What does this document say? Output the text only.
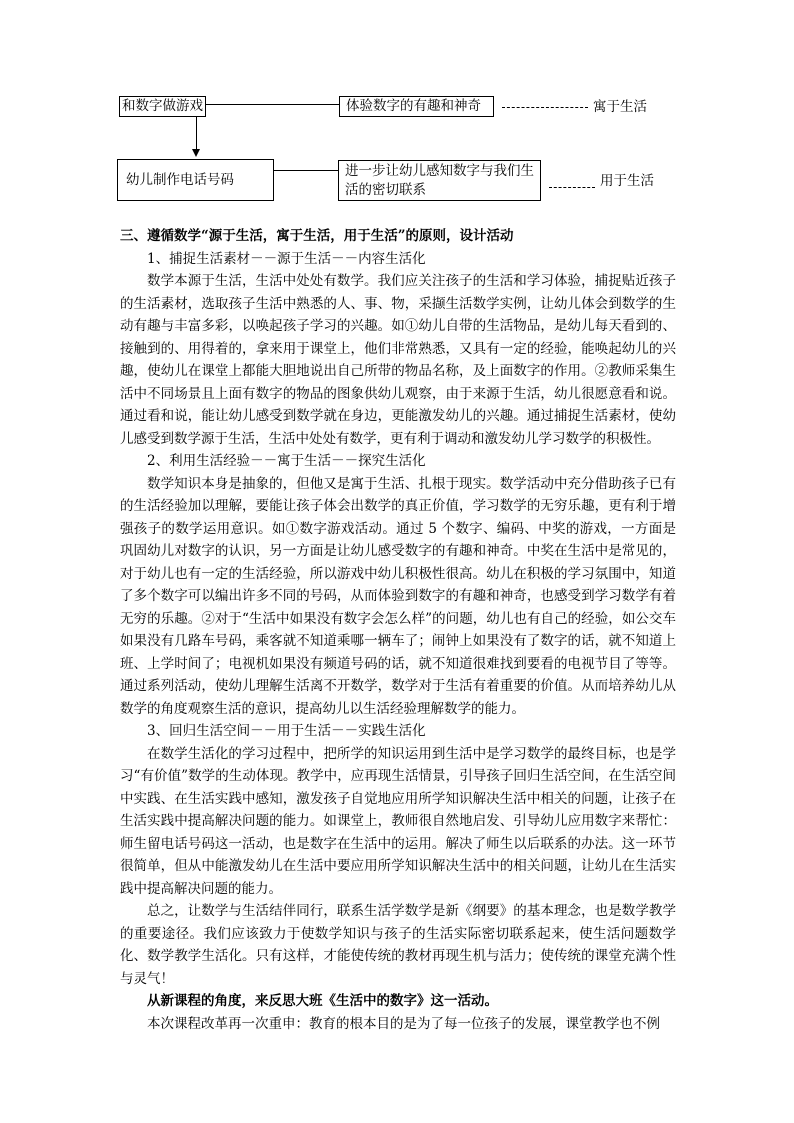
和数字做游戏	体验数字的有趣和神奇	寓于生活
幼儿制作电话号码
进一步让幼儿感知数字与我们生活的密切联系
用于生活

三、遵循数学“源于生活，寓于生活，用于生活”的原则，设计活动

1、捕捉生活素材－－源于生活－－内容生活化

数学本源于生活，生活中处处有数学。我们应关注孩子的生活和学习体验，捕捉贴近孩子的生活素材，选取孩子生活中熟悉的人、事、物，采撷生活数学实例，让幼儿体会到数学的生动有趣与丰富多彩，以唤起孩子学习的兴趣。如①幼儿自带的生活物品，是幼儿每天看到的、接触到的、用得着的，拿来用于课堂上，他们非常熟悉，又具有一定的经验，能唤起幼儿的兴趣，使幼儿在课堂上都能大胆地说出自己所带的物品名称，及上面数字的作用。②教师采集生活中不同场景且上面有数字的物品的图象供幼儿观察，由于来源于生活，幼儿很愿意看和说。通过看和说，能让幼儿感受到数学就在身边，更能激发幼儿的兴趣。通过捕捉生活素材，使幼儿感受到数学源于生活，生活中处处有数学，更有利于调动和激发幼儿学习数学的积极性。

2、利用生活经验－－寓于生活－－探究生活化

数学知识本身是抽象的，但他又是寓于生活、扎根于现实。数学活动中充分借助孩子已有的生活经验加以理解，要能让孩子体会出数学的真正价值，学习数学的无穷乐趣，更有利于增强孩子的数学运用意识。如①数字游戏活动。通过 5 个数字、编码、中奖的游戏，一方面是巩固幼儿对数字的认识，另一方面是让幼儿感受数字的有趣和神奇。中奖在生活中是常见的，对于幼儿也有一定的生活经验，所以游戏中幼儿积极性很高。幼儿在积极的学习氛围中，知道了多个数字可以编出许多不同的号码，从而体验到数字的有趣和神奇，也感受到学习数学有着无穷的乐趣。②对于“生活中如果没有数字会怎么样”的问题，幼儿也有自己的经验，如公交车如果没有几路车号码，乘客就不知道乘哪一辆车了；闹钟上如果没有了数字的话，就不知道上班、上学时间了；电视机如果没有频道号码的话，就不知道很难找到要看的电视节目了等等。通过系列活动，使幼儿理解生活离不开数学，数学对于生活有着重要的价值。从而培养幼儿从数学的角度观察生活的意识，提高幼儿以生活经验理解数学的能力。

3、回归生活空间－－用于生活－－实践生活化

在数学生活化的学习过程中，把所学的知识运用到生活中是学习数学的最终目标，也是学习“有价值”数学的生动体现。教学中，应再现生活情景，引导孩子回归生活空间，在生活空间中实践、在生活实践中感知，激发孩子自觉地应用所学知识解决生活中相关的问题，让孩子在生活实践中提高解决问题的能力。如课堂上，教师很自然地启发、引导幼儿应用数字来帮忙：师生留电话号码这一活动，也是数字在生活中的运用。解决了师生以后联系的办法。这一环节很简单，但从中能激发幼儿在生活中要应用所学知识解决生活中的相关问题，让幼儿在生活实践中提高解决问题的能力。

总之，让数学与生活结伴同行，联系生活学数学是新《纲要》的基本理念，也是数学教学的重要途径。我们应该致力于使数学知识与孩子的生活实际密切联系起来，使生活问题数学化、数学教学生活化。只有这样，才能使传统的教材再现生机与活力；使传统的课堂充满个性与灵气！

从新课程的角度，来反思大班《生活中的数字》这一活动。

本次课程改革再一次重申：教育的根本目的是为了每一位孩子的发展，课堂教学也不例
